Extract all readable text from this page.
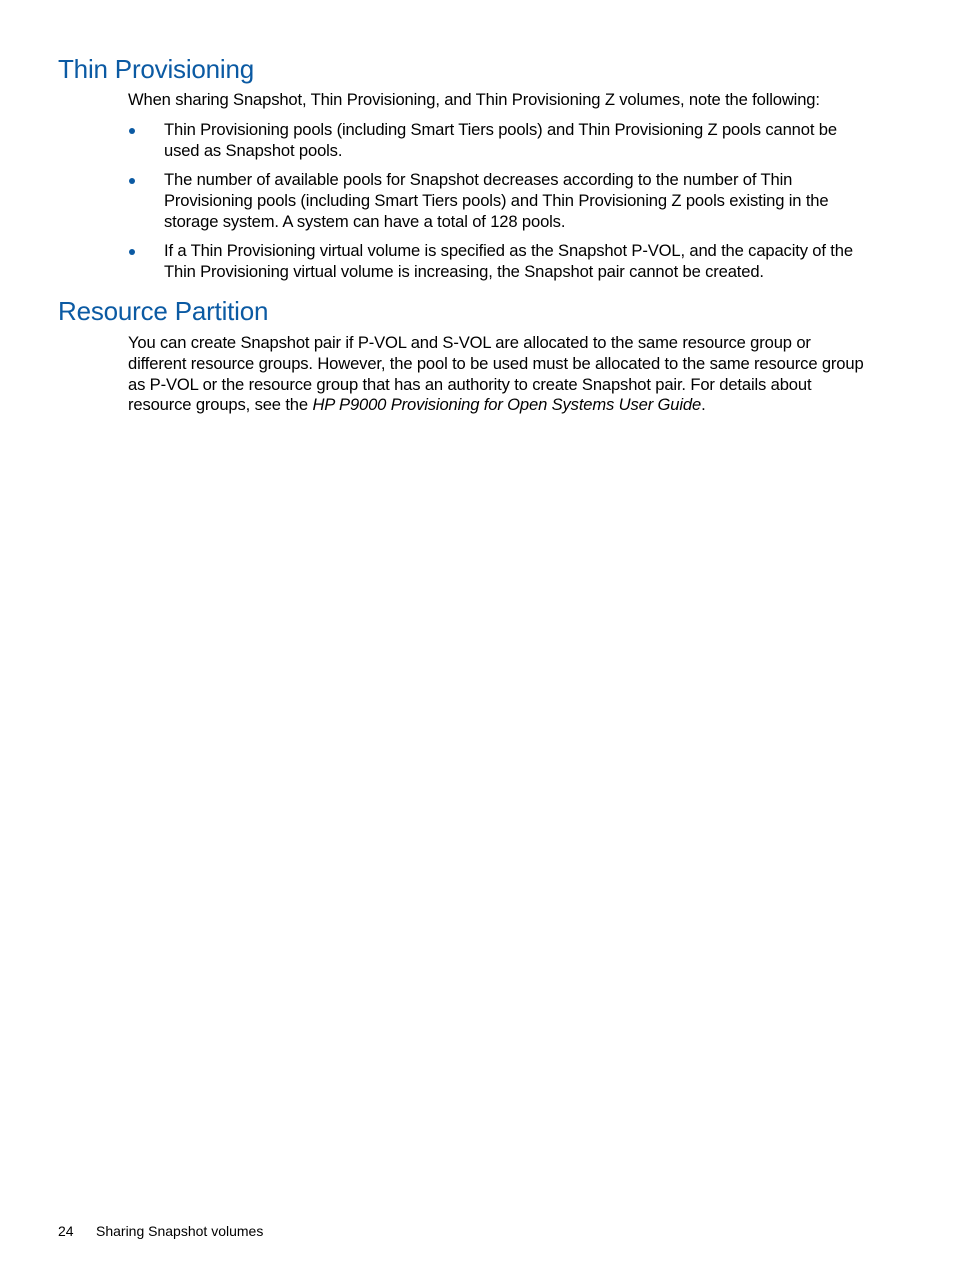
Thin Provisioning

When sharing Snapshot, Thin Provisioning, and Thin Provisioning Z volumes, note the following:

Thin Provisioning pools (including Smart Tiers pools) and Thin Provisioning Z pools cannot be used as Snapshot pools.
The number of available pools for Snapshot decreases according to the number of Thin Provisioning pools (including Smart Tiers pools) and Thin Provisioning Z pools existing in the storage system. A system can have a total of 128 pools.
If a Thin Provisioning virtual volume is specified as the Snapshot P-VOL, and the capacity of the Thin Provisioning virtual volume is increasing, the Snapshot pair cannot be created.
Resource Partition

You can create Snapshot pair if P-VOL and S-VOL are allocated to the same resource group or different resource groups. However, the pool to be used must be allocated to the same resource group as P-VOL or the resource group that has an authority to create Snapshot pair. For details about resource groups, see the HP P9000 Provisioning for Open Systems User Guide.

24 Sharing Snapshot volumes
